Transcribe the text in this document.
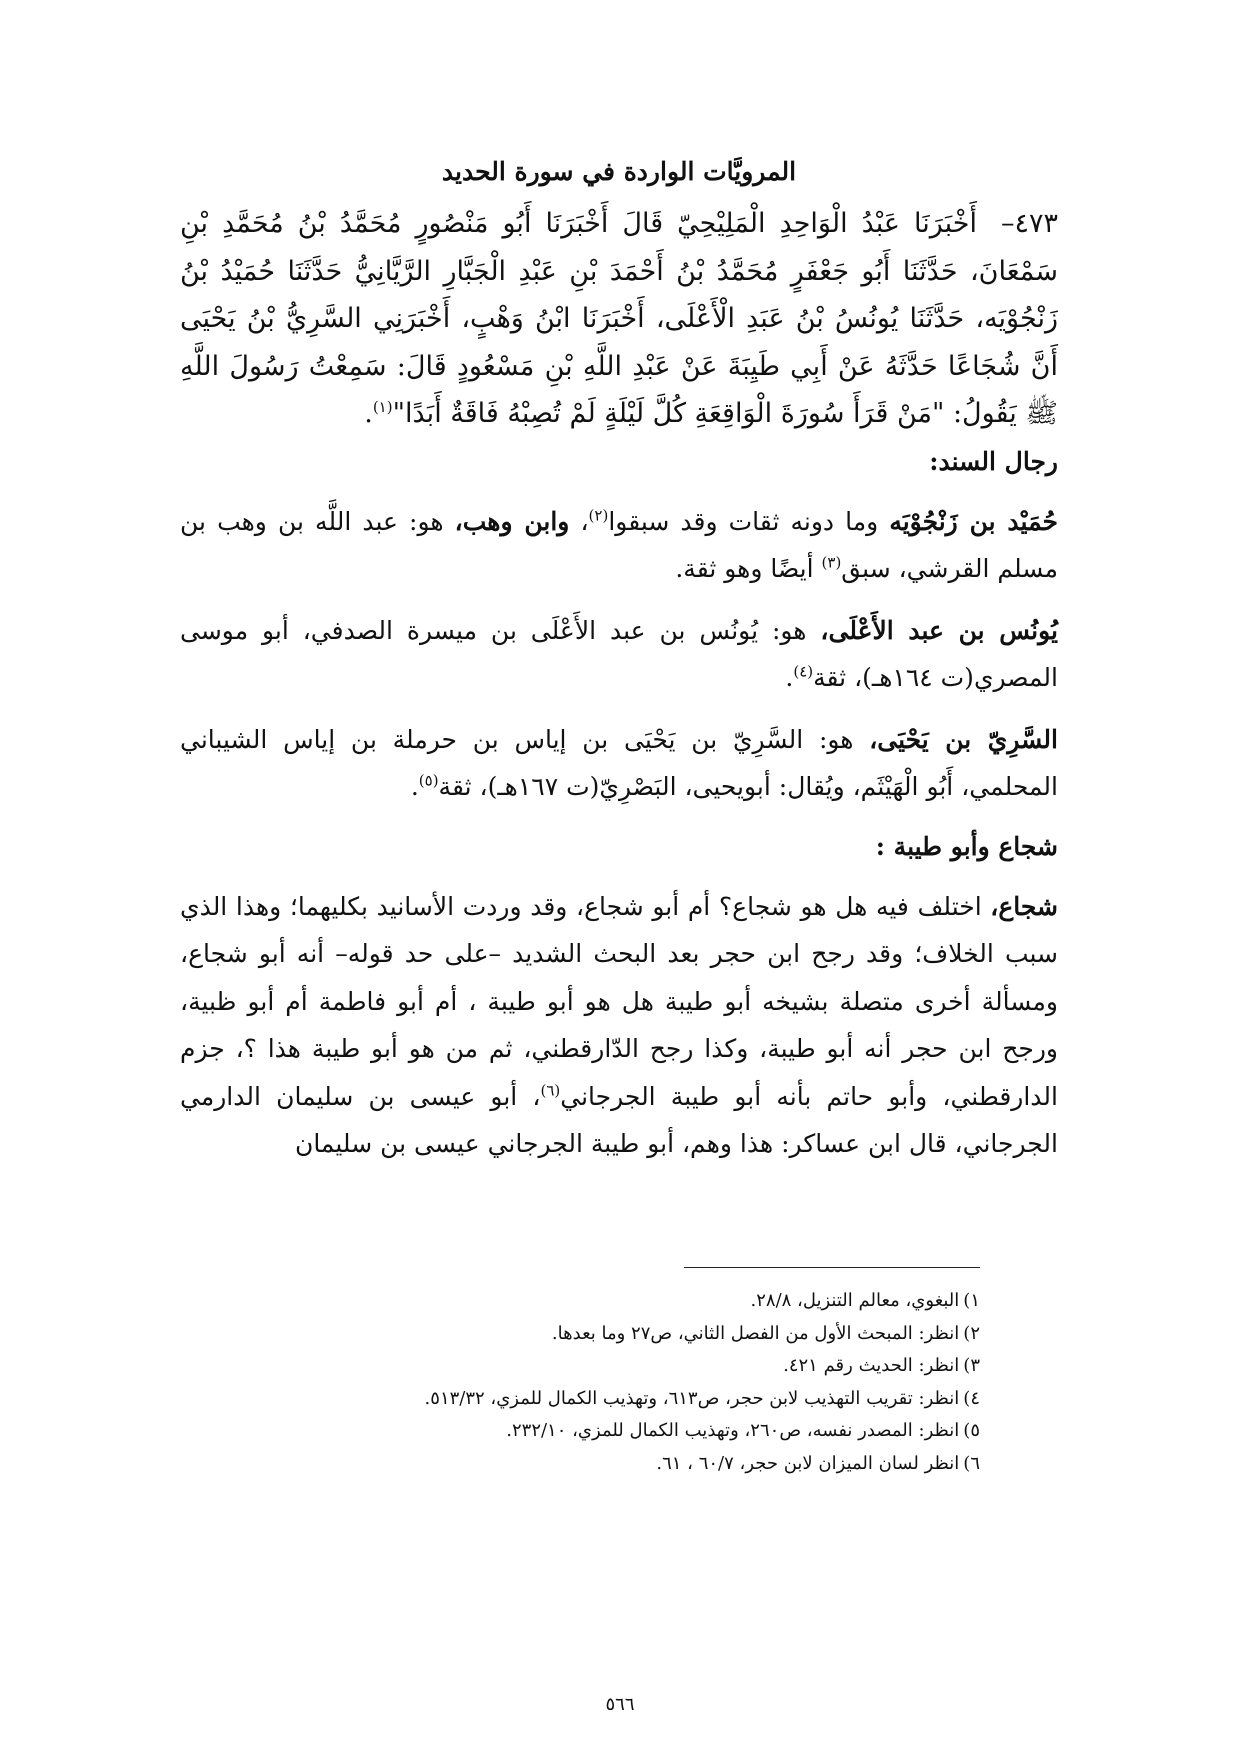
المرويَّات الواردة في سورة الحديد

٤٧٣–أَخْبَرَنَا عَبْدُ الْوَاحِدِ الْمَلِيْحِيّ قَالَ أَخْبَرَنَا أَبُو مَنْصُورٍ مُحَمَّدُ بْنُ مُحَمَّدِ بْنِ سَمْعَانَ، حَدَّثَنَا أَبُو جَعْفَرٍ مُحَمَّدُ بْنُ أَحْمَدَ بْنِ عَبْدِ الْجَبَّارِ الرَّيَّانِيُّ حَدَّثَنَا حُمَيْدُ بْنُ زَنْجُوْيَه، حَدَّثَنَا يُونُسُ بْنُ عَبَدِ الْأَعْلَى، أَخْبَرَنَا ابْنُ وَهْبٍ، أَخْبَرَنِي السَّرِيُّ بْنُ يَحْيَى أَنَّ شُجَاعًا حَدَّثَهُ عَنْ أَبِي طَيِبَةَ عَنْ عَبْدِ اللَّهِ بْنِ مَسْعُودٍ قَالَ: سَمِعْتُ رَسُولَ اللَّهِ ﷺ يَقُولُ: "مَنْ قَرَأَ سُورَةَ الْوَاقِعَةِ كُلَّ لَيْلَةٍ لَمْ تُصِبْهُ فَاقَةٌ أَبَدًا"$^{(١)}$.

رجال السند:

حُمَيْد بن زَنْجُوْيَه وما دونه ثقات وقد سبقوا$^{(٢)}$، وابن وهب، هو: عبد اللَّه بن وهب بن مسلم القرشي، سبق$^{(٣)}$ أيضًا وهو ثقة.

يُونُس بن عبد الأَعْلَى، هو: يُونُس بن عبد الأَعْلَى بن ميسرة الصدفي، أبو موسى المصري(ت ١٦٤هـ)، ثقة$^{(٤)}$.

السَّرِيّ بن يَحْيَى، هو: السَّرِيّ بن يَحْيَى بن إياس بن حرملة بن إياس الشيباني المحلمي، أَبُو الْهَيْثَم، ويُقال: أبويحيى، البَصْرِيّ(ت ١٦٧هـ)، ثقة$^{(٥)}$.

شجاع وأبو طيبة :

شجاع، اختلف فيه هل هو شجاع؟ أم أبو شجاع، وقد وردت الأسانيد بكليهما؛ وهذا الذي سبب الخلاف؛ وقد رجح ابن حجر بعد البحث الشديد –على حد قوله– أنه أبو شجاع، ومسألة أخرى متصلة بشيخه أبو طيبة هل هو أبو طيبة ، أم أبو فاطمة أم أبو ظبية، ورجح ابن حجر أنه أبو طيبة، وكذا رجح الدّارقطني، ثم من هو أبو طيبة هذا ؟، جزم الدارقطني، وأبو حاتم بأنه أبو طيبة الجرجاني$^{(٦)}$، أبو عيسى بن سليمان الدارمي الجرجاني، قال ابن عساكر: هذا وهم، أبو طيبة الجرجاني عيسى بن سليمان

١)البغوي، معالم التنزيل، ٢٨/٨.
٢)انظر: المبحث الأول من الفصل الثاني، ص٢٧ وما بعدها.
٣)انظر: الحديث رقم ٤٢١.
٤)انظر: تقريب التهذيب لابن حجر، ص٦١٣، وتهذيب الكمال للمزي، ٥١٣/٣٢.
٥)انظر: المصدر نفسه، ص٢٦٠، وتهذيب الكمال للمزي، ٢٣٢/١٠.
٦)انظر لسان الميزان لابن حجر، ٦٠/٧ ، ٦١.
٥٦٦
